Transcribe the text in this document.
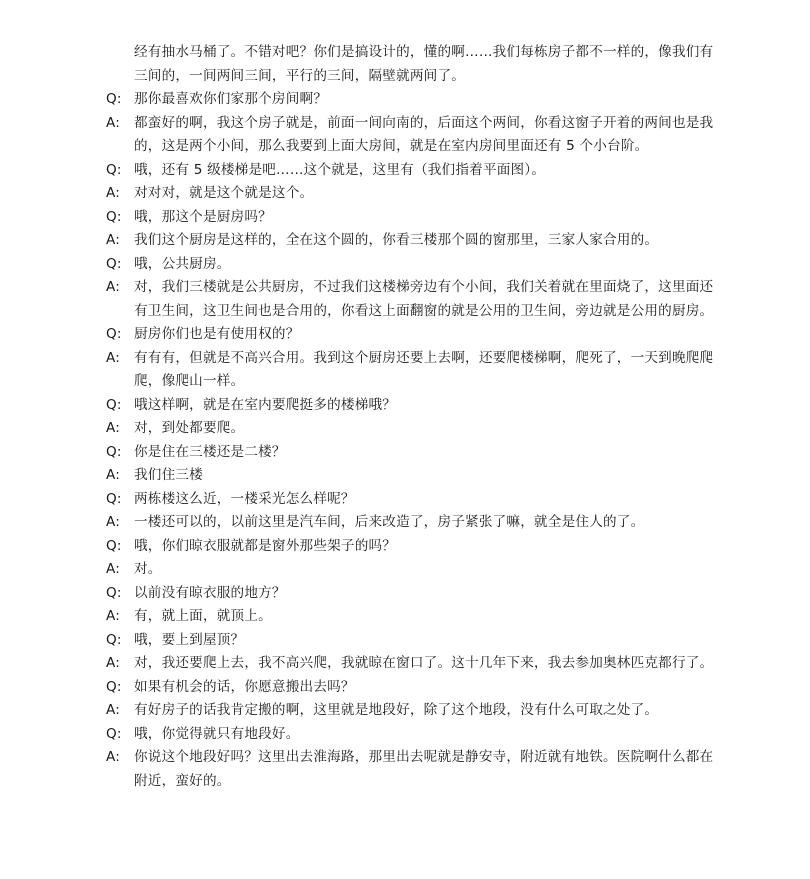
经有抽水马桶了。不错对吧？你们是搞设计的，懂的啊……我们每栋房子都不一样的，像我们有三间的，一间两间三间，平行的三间，隔壁就两间了。
Q: 那你最喜欢你们家那个房间啊？
A:	都蛮好的啊，我这个房子就是，前面一间向南的，后面这个两间，你看这窗子开着的两间也是我的，这是两个小间，那么我要到上面大房间，就是在室内房间里面还有 5 个小台阶。
Q: 哦，还有 5 级楼梯是吧……这个就是，这里有（我们指着平面图）。
A:	对对对，就是这个就是这个。
Q: 哦，那这个是厨房吗？
A:	我们这个厨房是这样的，全在这个圆的，你看三楼那个圆的窗那里，三家人家合用的。
Q: 哦，公共厨房。
A:	对，我们三楼就是公共厨房，不过我们这楼梯旁边有个小间，我们关着就在里面烧了，这里面还有卫生间，这卫生间也是合用的，你看这上面翻窗的就是公用的卫生间，旁边就是公用的厨房。
Q: 厨房你们也是有使用权的？
A:	有有有，但就是不高兴合用。我到这个厨房还要上去啊，还要爬楼梯啊，爬死了，一天到晚爬爬爬，像爬山一样。
Q: 哦这样啊，就是在室内要爬挺多的楼梯哦？
A:	对，到处都要爬。
Q: 你是住在三楼还是二楼？
A:	我们住三楼
Q: 两栋楼这么近，一楼采光怎么样呢？
A:	一楼还可以的，以前这里是汽车间，后来改造了，房子紧张了嘛，就全是住人的了。
Q: 哦，你们晾衣服就都是窗外那些架子的吗？
A:	对。
Q: 以前没有晾衣服的地方？
A:	有，就上面，就顶上。
Q: 哦，要上到屋顶？
A:	对，我还要爬上去，我不高兴爬，我就晾在窗口了。这十几年下来，我去参加奥林匹克都行了。
Q: 如果有机会的话，你愿意搬出去吗？
A:	有好房子的话我肯定搬的啊，这里就是地段好，除了这个地段，没有什么可取之处了。
Q: 哦，你觉得就只有地段好。
A:	你说这个地段好吗？这里出去淮海路，那里出去呢就是静安寺，附近就有地铁。医院啊什么都在附近，蛮好的。
